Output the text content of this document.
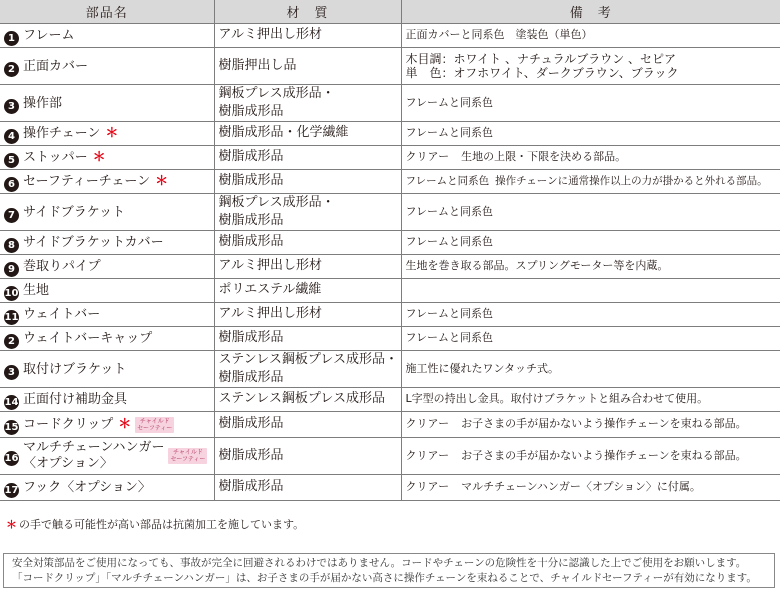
部品名	材　質	備　考
1 フレーム	アルミ押出し形材	正面カバーと同系色　塗装色（単色）
2 正面カバー	樹脂押出し品	木目調：ホワイト 、ナチュラルブラウン 、セピア
単　色：オフホワイト、ダークブラウン、ブラック

3 操作部	鋼板プレス成形品・
樹脂成形品	フレームと同系色
4 操作チェーン ＊	樹脂成形品・化学繊維	フレームと同系色
5 ストッパー ＊	樹脂成形品	クリアー 生地の上限・下限を決める部品。
6 セーフティーチェーン ＊	樹脂成形品	フレームと同系色 操作チェーンに通常操作以上の力が掛かると外れる部品。
7 サイドブラケット	鋼板プレス成形品・
樹脂成形品	フレームと同系色
8 サイドブラケットカバー	樹脂成形品	フレームと同系色
9 巻取りパイプ	アルミ押出し形材	生地を巻き取る部品。スプリングモーター等を内蔵。
10 生地	ポリエステル繊維	
11 ウェイトバー	アルミ押出し形材	フレームと同系色
2 ウェイトバーキャップ	樹脂成形品	フレームと同系色
3 取付けブラケット	ステンレス鋼板プレス成形品・
樹脂成形品	施工性に優れたワンタッチ式。
14 正面付け補助金具	ステンレス鋼板プレス成形品	L字型の持出し金具。取付けブラケットと組み合わせて使用。
15 コードクリップ ＊ チャイルド
セーフティー	樹脂成形品	クリアー お子さまの手が届かないよう操作チェーンを束ねる部品。
16マルチチェーンハンガー
〈オプション〉チャイルド
セーフティー	樹脂成形品	クリアー お子さまの手が届かないよう操作チェーンを束ねる部品。
17 フック〈オプション〉	樹脂成形品	クリアー マルチチェーンハンガー〈オプション〉に付属。
＊ の手で触る可能性が高い部品は抗菌加工を施しています。
安全対策部品をご使用になっても、事故が完全に回避されるわけではありません。コードやチェーンの危険性を十分に認識した上でご使用をお願いします。
「コードクリップ」「マルチチェーンハンガー」は、お子さまの手が届かない高さに操作チェーンを束ねることで、チャイルドセーフティーが有効になります。
